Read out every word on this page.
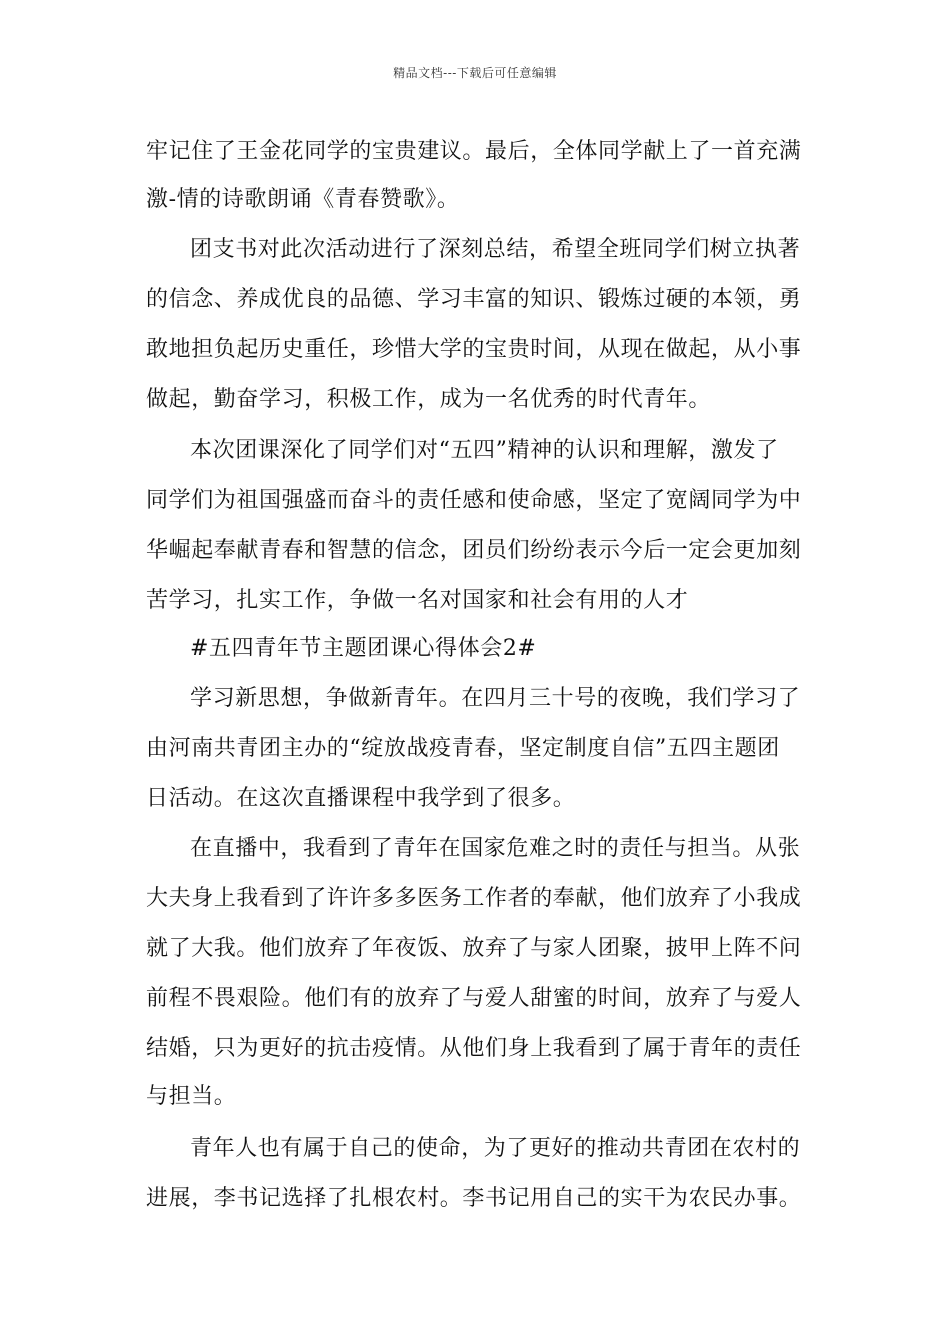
精品文档---下载后可任意编辑
牢记住了王金花同学的宝贵建议。最后，全体同学献上了一首充满
激-情的诗歌朗诵《青春赞歌》。
团支书对此次活动进行了深刻总结，希望全班同学们树立执著
的信念、养成优良的品德、学习丰富的知识、锻炼过硬的本领，勇
敢地担负起历史重任，珍惜大学的宝贵时间，从现在做起，从小事
做起，勤奋学习，积极工作，成为一名优秀的时代青年。
本次团课深化了同学们对“五四”精神的认识和理解，激发了
同学们为祖国强盛而奋斗的责任感和使命感，坚定了宽阔同学为中
华崛起奉献青春和智慧的信念，团员们纷纷表示今后一定会更加刻
苦学习，扎实工作，争做一名对国家和社会有用的人才
#五四青年节主题团课心得体会2#
学习新思想，争做新青年。在四月三十号的夜晚，我们学习了
由河南共青团主办的“绽放战疫青春，坚定制度自信”五四主题团
日活动。在这次直播课程中我学到了很多。
在直播中，我看到了青年在国家危难之时的责任与担当。从张
大夫身上我看到了许许多多医务工作者的奉献，他们放弃了小我成
就了大我。他们放弃了年夜饭、放弃了与家人团聚，披甲上阵不问
前程不畏艰险。他们有的放弃了与爱人甜蜜的时间，放弃了与爱人
结婚，只为更好的抗击疫情。从他们身上我看到了属于青年的责任
与担当。
青年人也有属于自己的使命，为了更好的推动共青团在农村的
进展，李书记选择了扎根农村。李书记用自己的实干为农民办事。
